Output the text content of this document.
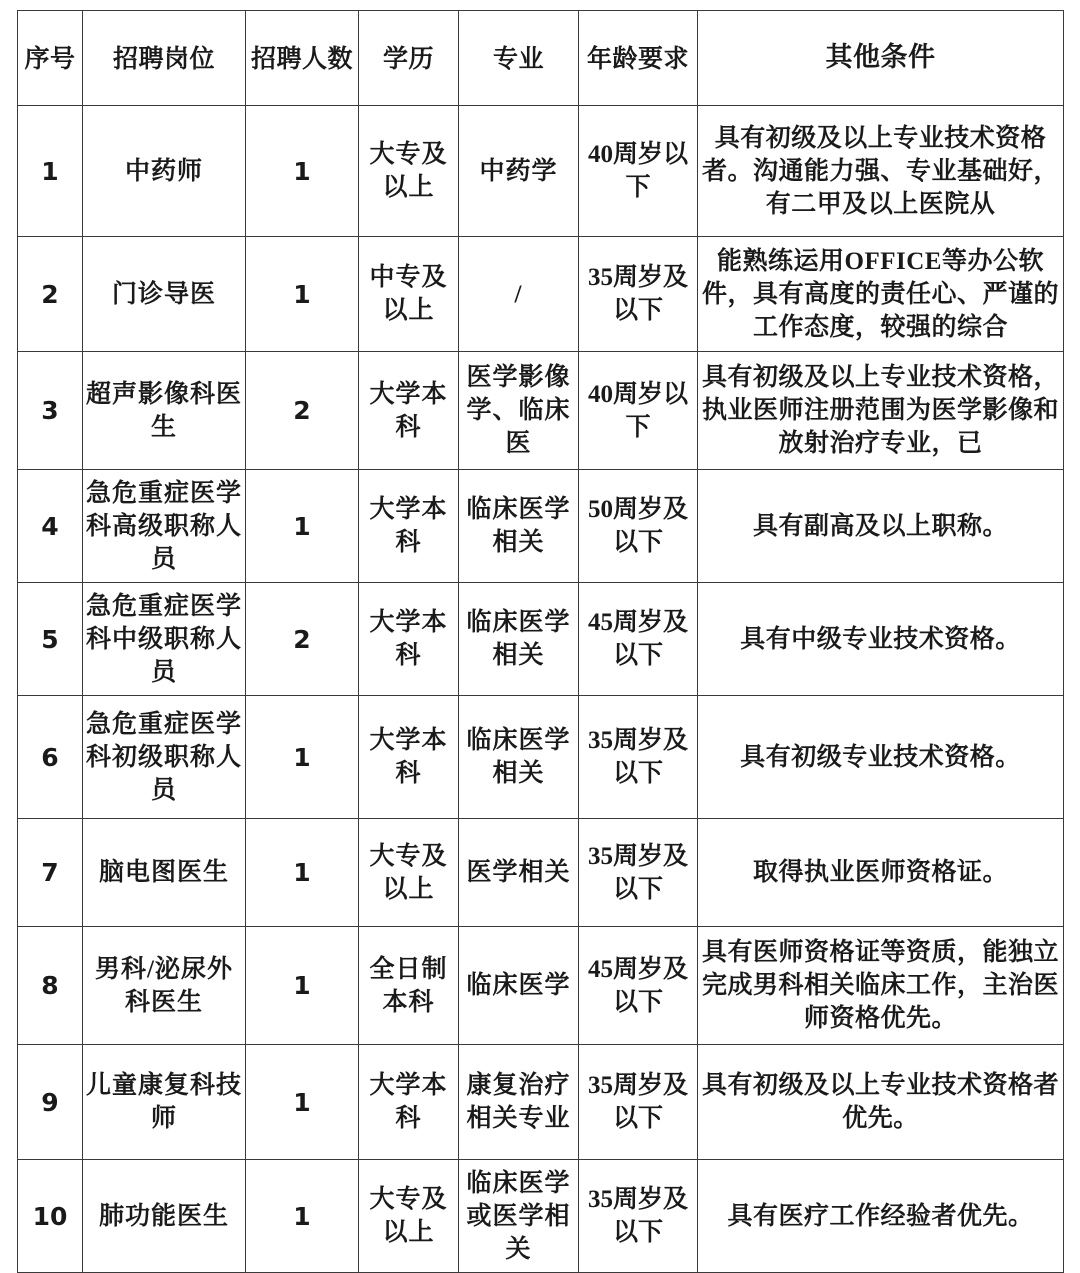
序号	招聘岗位	招聘人数	学历	专业	年龄要求	其他条件
1	中药师	1	大专及以上	中药学	40周岁以下	具有初级及以上专业技术资格者。沟通能力强、专业基础好，有二甲及以上医院从
2	门诊导医	1	中专及以上	/	35周岁及以下	能熟练运用OFFICE等办公软件，具有高度的责任心、严谨的工作态度，较强的综合
3	超声影像科医生	2	大学本科	医学影像学、临床医	40周岁以下	具有初级及以上专业技术资格，执业医师注册范围为医学影像和放射治疗专业，已
4	急危重症医学科高级职称人员	1	大学本科	临床医学相关	50周岁及以下	具有副高及以上职称。
5	急危重症医学科中级职称人员	2	大学本科	临床医学相关	45周岁及以下	具有中级专业技术资格。
6	急危重症医学科初级职称人员	1	大学本科	临床医学相关	35周岁及以下	具有初级专业技术资格。
7	脑电图医生	1	大专及以上	医学相关	35周岁及以下	取得执业医师资格证。
8	男科/泌尿外科医生	1	全日制本科	临床医学	45周岁及以下	具有医师资格证等资质，能独立完成男科相关临床工作，主治医师资格优先。
9	儿童康复科技师	1	大学本科	康复治疗相关专业	35周岁及以下	具有初级及以上专业技术资格者优先。
10	肺功能医生	1	大专及以上	临床医学或医学相关	35周岁及以下	具有医疗工作经验者优先。
